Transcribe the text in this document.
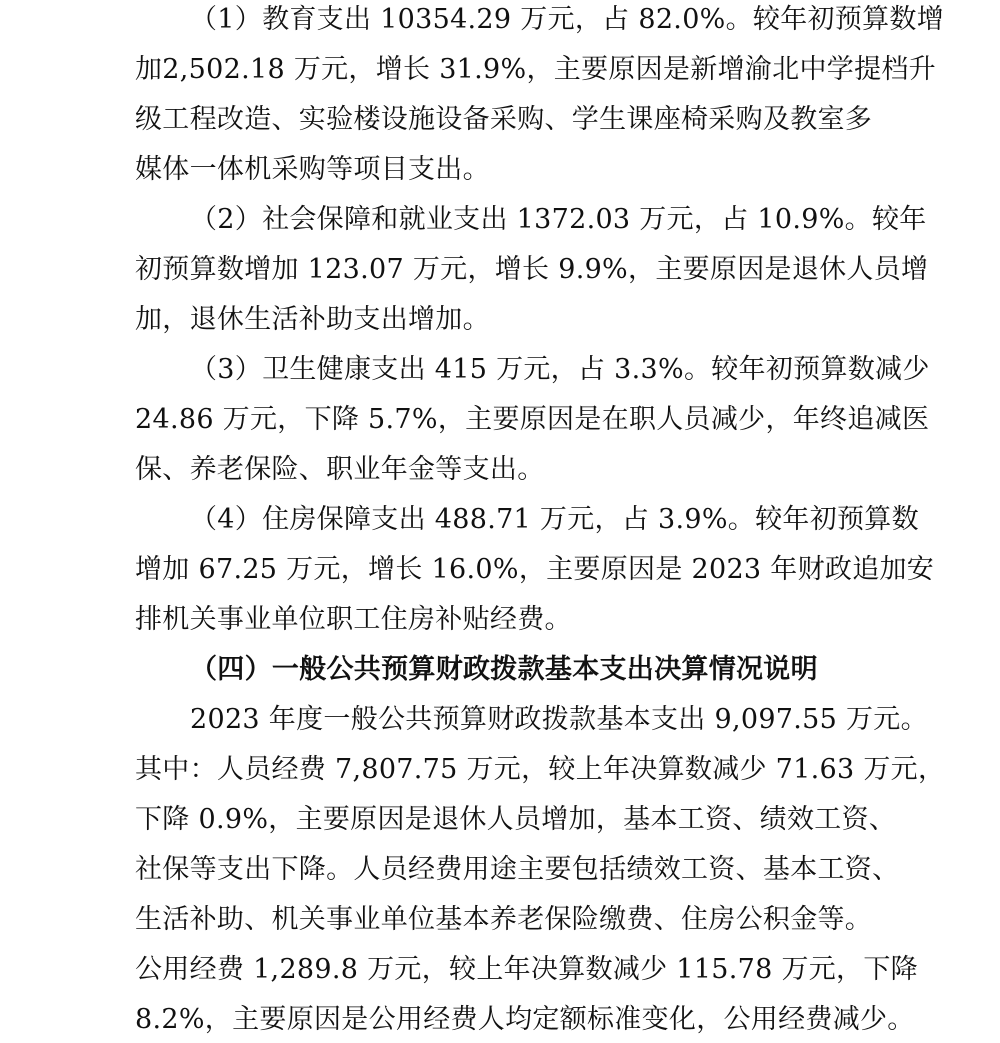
（1）教育支出 10354.29 万元，占 82.0%。较年初预算数增
加2,502.18 万元，增长 31.9%，主要原因是新增渝北中学提档升
级工程改造、实验楼设施设备采购、学生课座椅采购及教室多
媒体一体机采购等项目支出。
（2）社会保障和就业支出 1372.03 万元，占 10.9%。较年
初预算数增加 123.07 万元，增长 9.9%，主要原因是退休人员增
加，退休生活补助支出增加。
（3）卫生健康支出 415 万元，占 3.3%。较年初预算数减少
24.86 万元，下降 5.7%，主要原因是在职人员减少，年终追减医
保、养老保险、职业年金等支出。
（4）住房保障支出 488.71 万元，占 3.9%。较年初预算数
增加 67.25 万元，增长 16.0%，主要原因是 2023 年财政追加安
排机关事业单位职工住房补贴经费。
（四）一般公共预算财政拨款基本支出决算情况说明
2023 年度一般公共预算财政拨款基本支出 9,097.55 万元。
其中：人员经费 7,807.75 万元，较上年决算数减少 71.63 万元，
下降 0.9%，主要原因是退休人员增加，基本工资、绩效工资、
社保等支出下降。人员经费用途主要包括绩效工资、基本工资、
生活补助、机关事业单位基本养老保险缴费、住房公积金等。
公用经费 1,289.8 万元，较上年决算数减少 115.78 万元，下降
8.2%，主要原因是公用经费人均定额标准变化，公用经费减少。
